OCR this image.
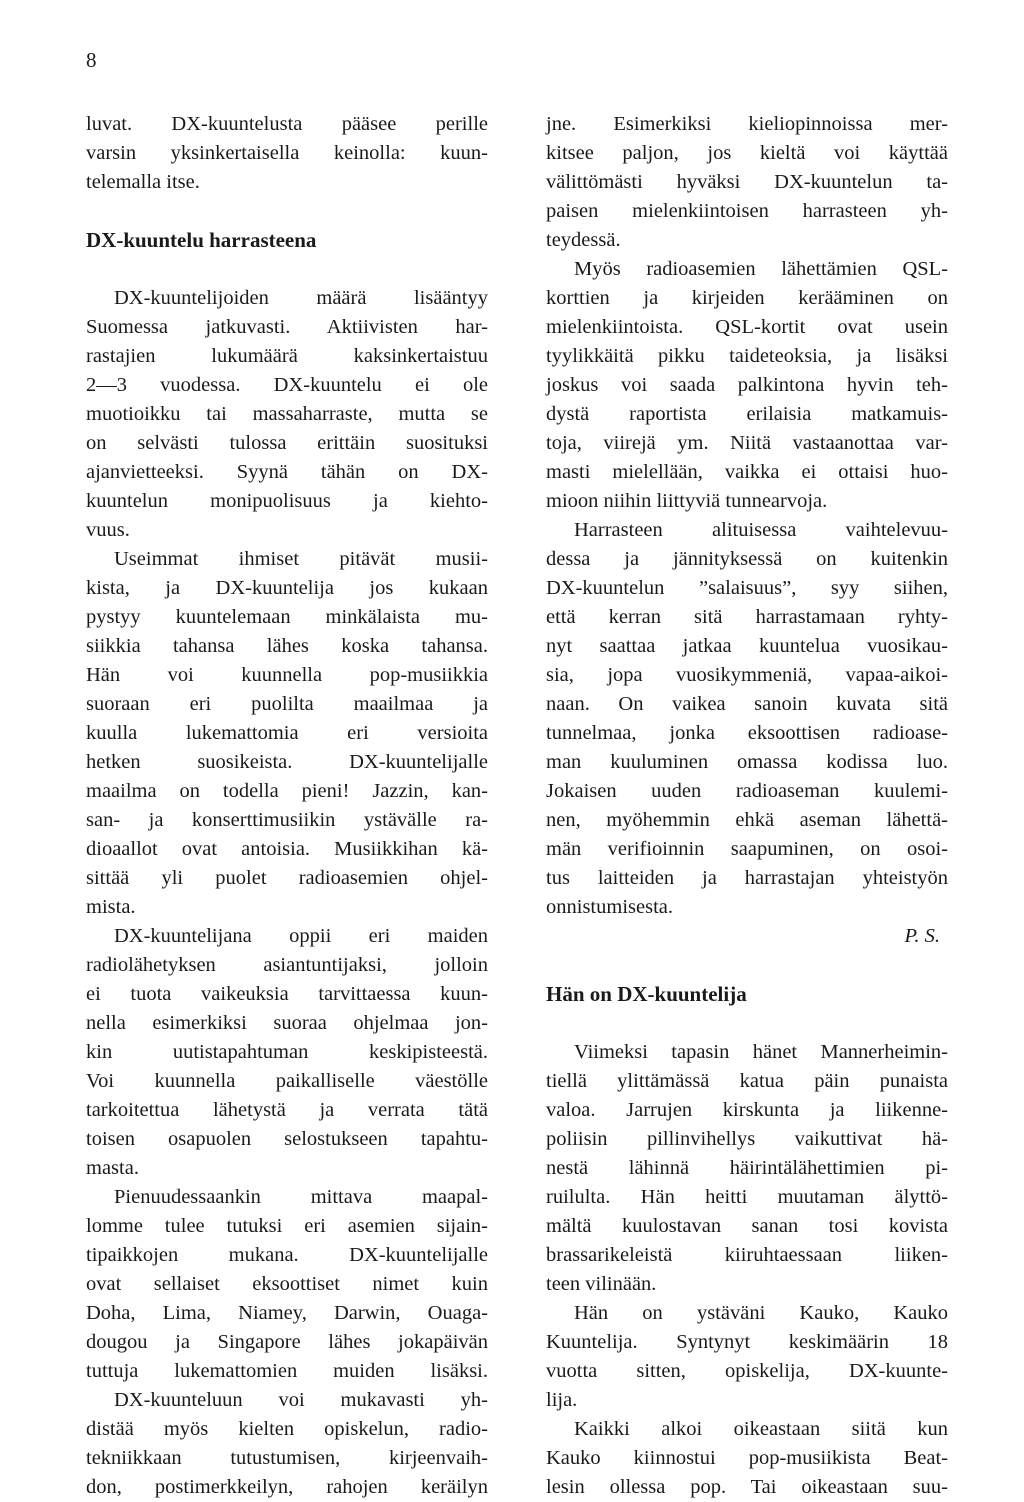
8
luvat. DX-kuuntelusta pääsee perille
varsin yksinkertaisella keinolla: kuun-
telemalla itse.
DX-kuuntelu harrasteena
DX-kuuntelijoiden määrä lisääntyy
Suomessa jatkuvasti. Aktiivisten har-
rastajien lukumäärä kaksinkertaistuu
2—3 vuodessa. DX-kuuntelu ei ole
muotioikku tai massaharraste, mutta se
on selvästi tulossa erittäin suosituksi
ajanvietteeksi. Syynä tähän on DX-
kuuntelun monipuolisuus ja kiehto-
vuus.
Useimmat ihmiset pitävät musii-
kista, ja DX-kuuntelija jos kukaan
pystyy kuuntelemaan minkälaista mu-
siikkia tahansa lähes koska tahansa.
Hän voi kuunnella pop-musiikkia
suoraan eri puolilta maailmaa ja
kuulla lukemattomia eri versioita
hetken suosikeista. DX-kuuntelijalle
maailma on todella pieni! Jazzin, kan-
san- ja konserttimusiikin ystävälle ra-
dioaallot ovat antoisia. Musiikkihan kä-
sittää yli puolet radioasemien ohjel-
mista.
DX-kuuntelijana oppii eri maiden
radiolähetyksen asiantuntijaksi, jolloin
ei tuota vaikeuksia tarvittaessa kuun-
nella esimerkiksi suoraa ohjelmaa jon-
kin uutistapahtuman keskipisteestä.
Voi kuunnella paikalliselle väestölle
tarkoitettua lähetystä ja verrata tätä
toisen osapuolen selostukseen tapahtu-
masta.
Pienuudessaankin mittava maapal-
lomme tulee tutuksi eri asemien sijain-
tipaikkojen mukana. DX-kuuntelijalle
ovat sellaiset eksoottiset nimet kuin
Doha, Lima, Niamey, Darwin, Ouaga-
dougou ja Singapore lähes jokapäivän
tuttuja lukemattomien muiden lisäksi.
DX-kuunteluun voi mukavasti yh-
distää myös kielten opiskelun, radio-
tekniikkaan tutustumisen, kirjeenvaih-
don, postimerkkeilyn, rahojen keräilyn
jne. Esimerkiksi kieliopinnoissa mer-
kitsee paljon, jos kieltä voi käyttää
välittömästi hyväksi DX-kuuntelun ta-
paisen mielenkiintoisen harrasteen yh-
teydessä.
Myös radioasemien lähettämien QSL-
korttien ja kirjeiden kerääminen on
mielenkiintoista. QSL-kortit ovat usein
tyylikkäitä pikku taideteoksia, ja lisäksi
joskus voi saada palkintona hyvin teh-
dystä raportista erilaisia matkamuis-
toja, viirejä ym. Niitä vastaanottaa var-
masti mielellään, vaikka ei ottaisi huo-
mioon niihin liittyviä tunnearvoja.
Harrasteen alituisessa vaihtelevuu-
dessa ja jännityksessä on kuitenkin
DX-kuuntelun ”salaisuus”, syy siihen,
että kerran sitä harrastamaan ryhty-
nyt saattaa jatkaa kuuntelua vuosikau-
sia, jopa vuosikymmeniä, vapaa-aikoi-
naan. On vaikea sanoin kuvata sitä
tunnelmaa, jonka eksoottisen radioase-
man kuuluminen omassa kodissa luo.
Jokaisen uuden radioaseman kuulemi-
nen, myöhemmin ehkä aseman lähettä-
män verifioinnin saapuminen, on osoi-
tus laitteiden ja harrastajan yhteistyön
onnistumisesta.
P. S.
Hän on DX-kuuntelija
Viimeksi tapasin hänet Mannerheimin-
tiellä ylittämässä katua päin punaista
valoa. Jarrujen kirskunta ja liikenne-
poliisin pillinvihellys vaikuttivat hä-
nestä lähinnä häirintälähettimien pi-
ruilulta. Hän heitti muutaman älyttö-
mältä kuulostavan sanan tosi kovista
brassarikeleistä kiiruhtaessaan liiken-
teen vilinään.
Hän on ystäväni Kauko, Kauko
Kuuntelija. Syntynyt keskimäärin 18
vuotta sitten, opiskelija, DX-kuunte-
lija.
Kaikki alkoi oikeastaan siitä kun
Kauko kiinnostui pop-musiikista Beat-
lesin ollessa pop. Tai oikeastaan suu-
